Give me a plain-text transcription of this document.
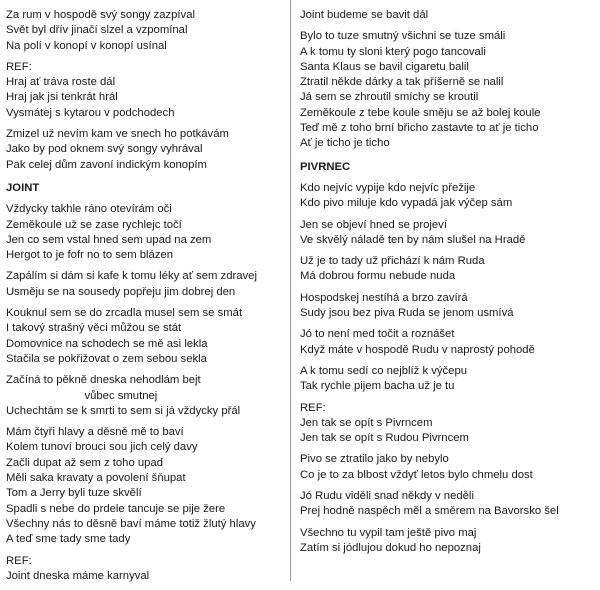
Za rum v hospodě svý songy zazpíval
Svět byl dřív jinačí slzel a vzpomínal
Na polí v konopí v konopí usínal
REF:
Hraj ať tráva roste dál
Hraj jak jsi tenkrát hrál
Vysmátej s kytarou v podchodech
Zmizel už nevím kam ve snech ho potkávám
Jako by pod oknem svý songy vyhrával
Pak celej dům zavoní indickým konopím
JOINT
Vždycky takhle ráno otevírám oči
Zeměkoule už se zase rychlejc točí
Jen co sem vstal hned sem upad na zem
Hergot to je fofr no to sem blázen
Zapálím si dám si kafe k tomu léky ať sem zdravej
Usměju se na sousedy popřeju jim dobrej den
Kouknul sem se do zrcadla musel sem se smát
I takový strašný věci můžou se stát
Domovnice na schodech se mě asi lekla
Stačila se pokřižovat o zem sebou sekla
Začíná to pěkně dneska nehodlám bejt
vůbec smutnej
Uchechtám se k smrti to sem si já vždycky přál
Mám čtyři hlavy a děsně mě to baví
Kolem tunoví brouci sou jich celý davy
Začli dupat až sem z toho upad
Měli saka kravaty a povolení šňupat
Tom a Jerry byli tuze skvělí
Spadli s nebe do prdele tancuje se pije žere
Všechny nás to děsně baví máme totiž žlutý hlavy
A teď sme tady sme tady
REF:
Joint dneska máme karnyval
Joint budeme se bavit dál
Bylo to tuze smutný všichni se tuze smáli
A k tomu ty sloni který pogo tancovali
Santa Klaus se bavil cigaretu balil
Ztratil někde dárky a tak příšerně se nalil
Já sem se zhroutil smíchy se kroutil
Zeměkoule z tebe koule směju se až bolej koule
Teď mě z toho brní břicho zastavte to ať je ticho
Ať je ticho je ticho
PIVRNEC
Kdo nejvíc vypije kdo nejvíc přežije
Kdo pivo miluje kdo vypadá jak výčep sám
Jen se objeví hned se projeví
Ve skvělý náladě ten by nám slušel na Hradě
Už je to tady už přichází k nám Ruda
Má dobrou formu nebude nuda
Hospodskej nestíhá a brzo zavírá
Sudy jsou bez piva Ruda se jenom usmívá
Jó to není med točit a roznášet
Když máte v hospodě Rudu v naprostý pohodě
A k tomu sedí co nejblíž k výčepu
Tak rychle pijem bacha už je tu
REF:
Jen tak se opít s Pivrncem
Jen tak se opít s Rudou Pivrncem
Pivo se ztratilo jako by nebylo
Co je to za blbost vždyť letos bylo chmelu dost
Jó Rudu viděli snad někdy v neděli
Prej hodně naspěch měl a směrem na Bavorsko šel
Všechno tu vypil tam ještě pivo maj
Zatím si jódlujou dokud ho nepoznaj
